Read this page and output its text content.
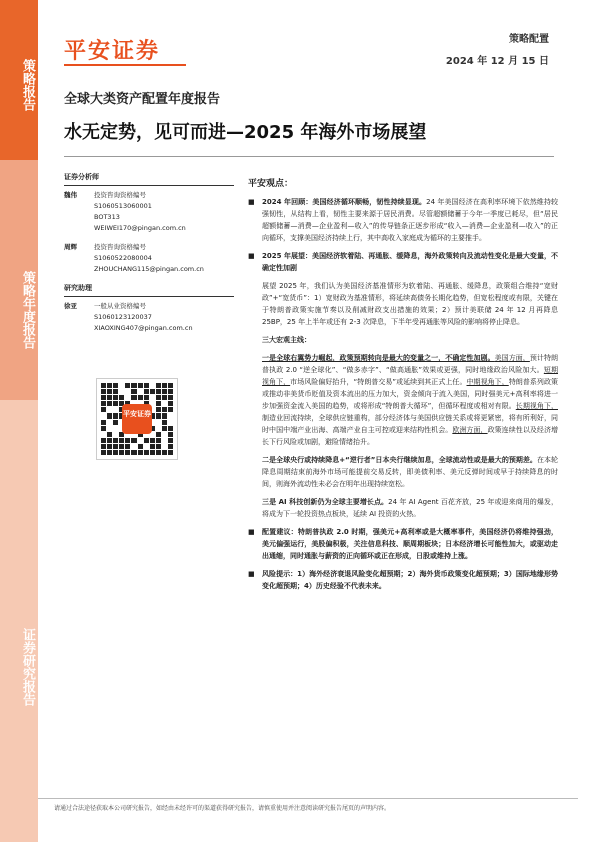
策略报告
策略年度报告
证券研究报告
平安证券	策略配置
2024 年 12 月 15 日
全球大类资产配置年度报告
水无定势，见可而进—2025 年海外市场展望
证券分析师
魏伟	投资咨询资格编号
S1060513060001
BOT313
WEIWEI170@pingan.com.cn
周辉	投资咨询资格编号
S1060522080004
ZHOUCHANG115@pingan.com.cn
研究助理
徐亚	一般从业资格编号
S1060123120037
XIAOXING407@pingan.com.cn
平安证券
平安观点：
■	2024 年回顾：美国经济循环顺畅，韧性持续显现。24 年美国经济在高利率环境下依然维持较强韧性，从结构上看，韧性主要来源于居民消费。尽管超额储蓄于今年一季度已耗尽，但“居民超额储蓄—消费—企业盈利—收入”的传导链条正逐步形成“收入—消费—企业盈利—收入”的正向循环，支撑美国经济持续上行，其中高收入家庭成为循环的主要推手。
■	2025 年展望：美国经济软着陆、再通胀、缓降息，海外政策转向及流动性变化是最大变量，不确定性加剧
展望 2025 年，我们认为美国经济基准情形为软着陆、再通胀、缓降息，政策组合维持“宽财政”+“宽货币”：1）宽财政为基准情形，将延续高债务长期化趋势，但宽松程度或有限，关键在于特朗普政策实施节奏以及削减财政支出措施的效果；2）预计美联储 24 年 12 月再降息 25BP，25 年上半年或还有 2-3 次降息，下半年受再通胀等风险的影响将停止降息。
三大宏观主线：
一是全球右翼势力崛起，政策预期转向是最大的变量之一，不确定性加剧。美国方面，预计特朗普执政 2.0 “逆全球化”、“做多赤字”、“做高通胀”效果或更强，同时地缘政治风险加大。短期视角下，市场风险偏好抬升，“特朗普交易”或延续到其正式上任。中期视角下，特朗普系列政策或推动非美货币贬值及资本流出的压力加大，资金倾向于流入美国，同时强美元+高利率将进一步加强资金流入美国的趋势，或将形成“特朗普大循环”，但循环程度或相对有限。长期视角下，制造业回流持续，全球供应链重构，部分经济体与美国供应链关系或将更紧密，将有所利好，同时中国中端产业出海、高端产业自主可控或迎来结构性机会。欧洲方面，政策连续性以及经济增长下行风险或加剧，避险情绪抬升。
二是全球央行或持续降息+“逆行者”日本央行继续加息，全球流动性或是最大的预期差。在本轮降息周期结束前海外市场可能提前交易反转，即美债利率、美元反弹时间或早于持续降息的时间，则海外流动性未必会在明年出现持续宽松。
三是 AI 科技创新仍为全球主要增长点。24 年 AI Agent 百花齐放，25 年或迎来商用的爆发，将成为下一轮投资热点板块，延续 AI 投资的火热。
■	配置建议：特朗普执政 2.0 时期，强美元+高利率或是大概率事件，美国经济仍将维持强劲，美元偏强运行，美股偏积极，关注信息科技、顺周期板块；日本经济增长可能性加大，或驱动走出通缩，同时通胀与薪资的正向循环或正在形成，日股或维持上涨。
■	风险提示：1）海外经济衰退风险变化超预期；2）海外货币政策变化超预期；3）国际地缘形势变化超预期；4）历史经验不代表未来。
请通过合法途径获取本公司研究报告，如经由未经许可的渠道获得研究报告，请慎重使用并注意阅读研究报告尾页的声明内容。
